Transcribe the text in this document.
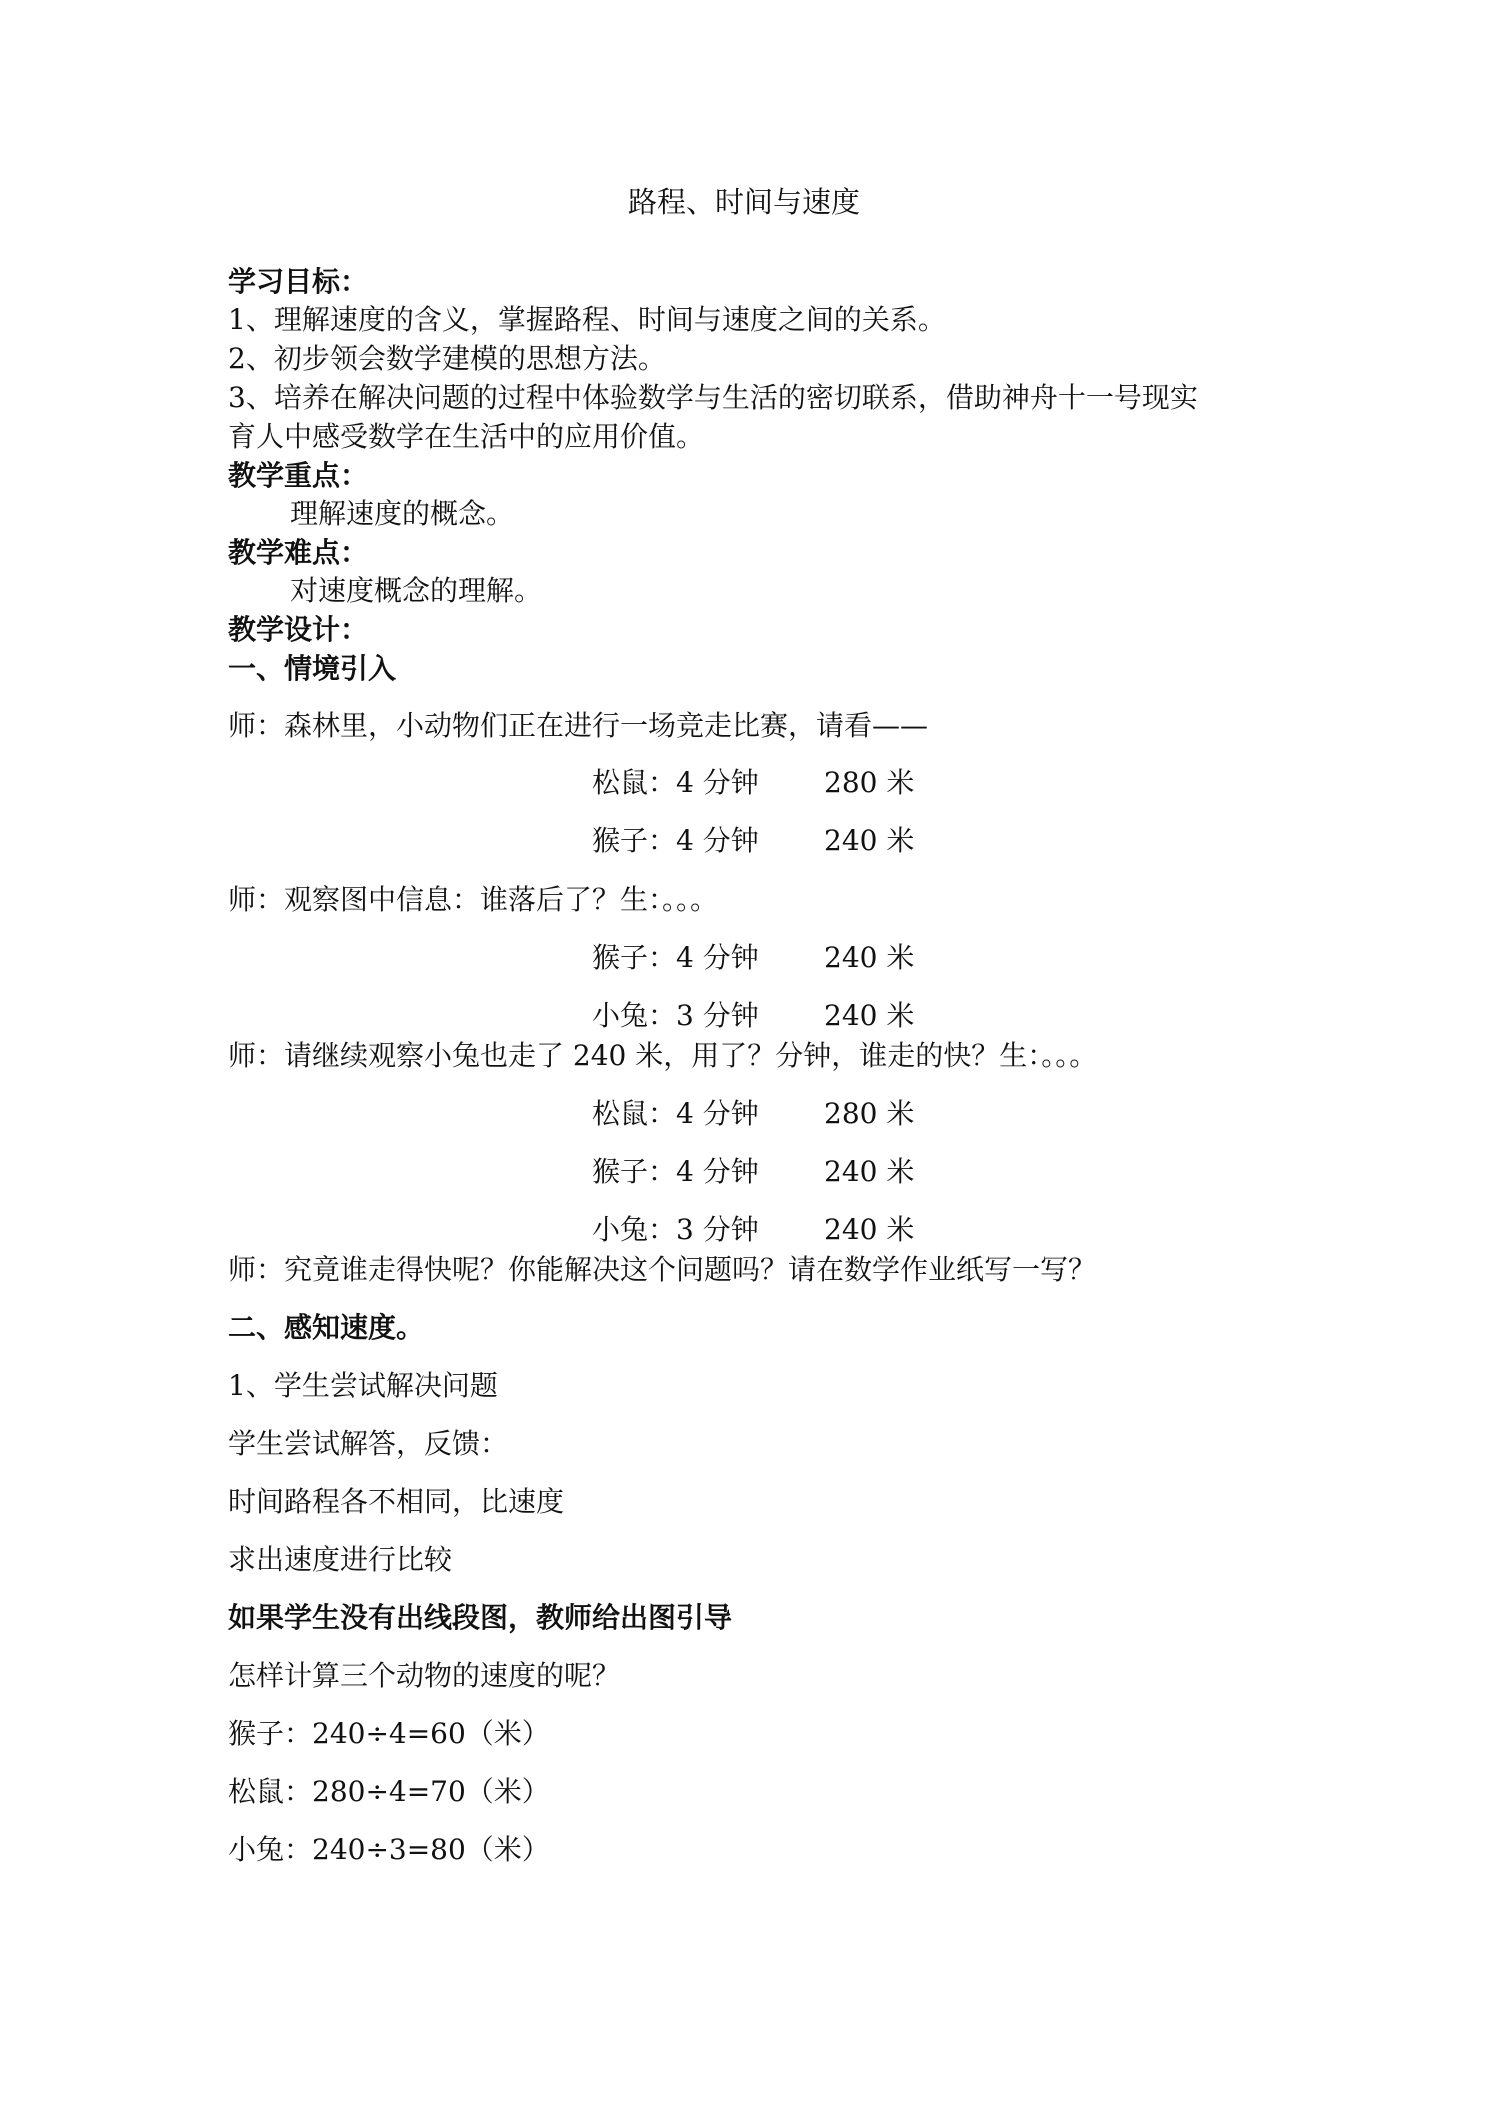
路程、时间与速度
学习目标：
1、理解速度的含义，掌握路程、时间与速度之间的关系。
2、初步领会数学建模的思想方法。
3、培养在解决问题的过程中体验数学与生活的密切联系，借助神舟十一号现实
育人中感受数学在生活中的应用价值。
教学重点：
理解速度的概念。
教学难点：
对速度概念的理解。
教学设计：
一、情境引入
师：森林里，小动物们正在进行一场竞走比赛，请看——
松鼠：4 分钟 280 米
猴子：4 分钟 240 米
师：观察图中信息：谁落后了？生：。。。
猴子：4 分钟 240 米
小兔：3 分钟 240 米
师：请继续观察小兔也走了 240 米，用了？分钟，谁走的快？生：。。。
松鼠：4 分钟 280 米
猴子：4 分钟 240 米
小兔：3 分钟 240 米
师：究竟谁走得快呢？你能解决这个问题吗？请在数学作业纸写一写？
二、感知速度。
1、学生尝试解决问题
学生尝试解答，反馈：
时间路程各不相同，比速度
求出速度进行比较
如果学生没有出线段图，教师给出图引导
怎样计算三个动物的速度的呢？
猴子：240÷4=60（米）
松鼠：280÷4=70（米）
小兔：240÷3=80（米）
